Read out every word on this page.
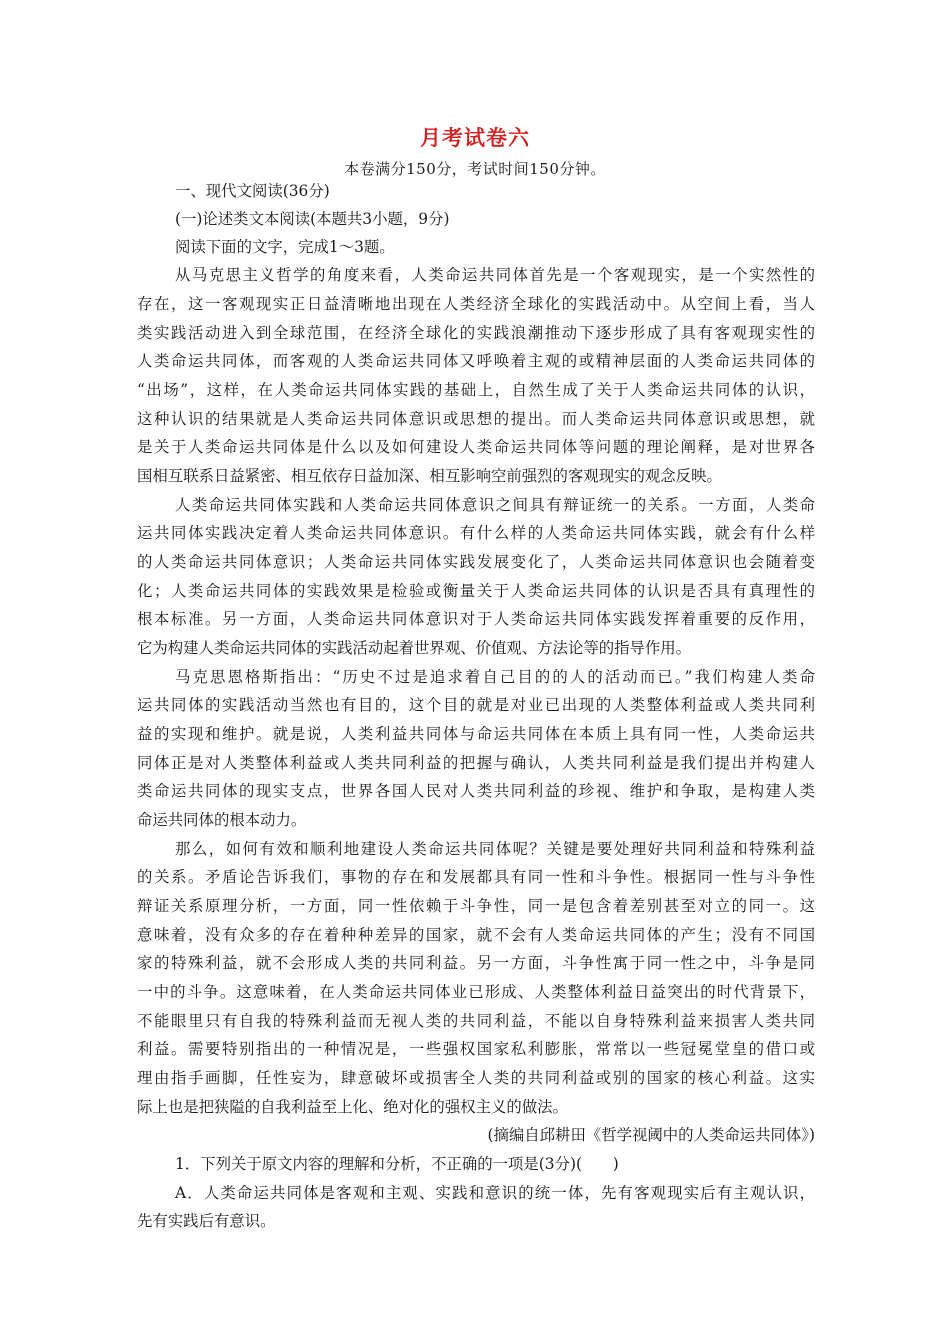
月考试卷六
本卷满分150分，考试时间150分钟。
一、现代文阅读(36分)
(一)论述类文本阅读(本题共3小题，9分)
阅读下面的文字，完成1～3题。
从马克思主义哲学的角度来看，人类命运共同体首先是一个客观现实，是一个实然性的
存在，这一客观现实正日益清晰地出现在人类经济全球化的实践活动中。从空间上看，当人
类实践活动进入到全球范围，在经济全球化的实践浪潮推动下逐步形成了具有客观现实性的
人类命运共同体，而客观的人类命运共同体又呼唤着主观的或精神层面的人类命运共同体的
“出场”，这样，在人类命运共同体实践的基础上，自然生成了关于人类命运共同体的认识，
这种认识的结果就是人类命运共同体意识或思想的提出。而人类命运共同体意识或思想，就
是关于人类命运共同体是什么以及如何建设人类命运共同体等问题的理论阐释，是对世界各
国相互联系日益紧密、相互依存日益加深、相互影响空前强烈的客观现实的观念反映。
人类命运共同体实践和人类命运共同体意识之间具有辩证统一的关系。一方面，人类命
运共同体实践决定着人类命运共同体意识。有什么样的人类命运共同体实践，就会有什么样
的人类命运共同体意识；人类命运共同体实践发展变化了，人类命运共同体意识也会随着变
化；人类命运共同体的实践效果是检验或衡量关于人类命运共同体的认识是否具有真理性的
根本标准。另一方面，人类命运共同体意识对于人类命运共同体实践发挥着重要的反作用，
它为构建人类命运共同体的实践活动起着世界观、价值观、方法论等的指导作用。
马克思恩格斯指出：“历史不过是追求着自己目的的人的活动而已。”我们构建人类命
运共同体的实践活动当然也有目的，这个目的就是对业已出现的人类整体利益或人类共同利
益的实现和维护。就是说，人类利益共同体与命运共同体在本质上具有同一性，人类命运共
同体正是对人类整体利益或人类共同利益的把握与确认，人类共同利益是我们提出并构建人
类命运共同体的现实支点，世界各国人民对人类共同利益的珍视、维护和争取，是构建人类
命运共同体的根本动力。
那么，如何有效和顺利地建设人类命运共同体呢？关键是要处理好共同利益和特殊利益
的关系。矛盾论告诉我们，事物的存在和发展都具有同一性和斗争性。根据同一性与斗争性
辩证关系原理分析，一方面，同一性依赖于斗争性，同一是包含着差别甚至对立的同一。这
意味着，没有众多的存在着种种差异的国家，就不会有人类命运共同体的产生；没有不同国
家的特殊利益，就不会形成人类的共同利益。另一方面，斗争性寓于同一性之中，斗争是同
一中的斗争。这意味着，在人类命运共同体业已形成、人类整体利益日益突出的时代背景下，
不能眼里只有自我的特殊利益而无视人类的共同利益，不能以自身特殊利益来损害人类共同
利益。需要特别指出的一种情况是，一些强权国家私利膨胀，常常以一些冠冕堂皇的借口或
理由指手画脚，任性妄为，肆意破坏或损害全人类的共同利益或别的国家的核心利益。这实
际上也是把狭隘的自我利益至上化、绝对化的强权主义的做法。
(摘编自邱耕田《哲学视阈中的人类命运共同体》)
1．下列关于原文内容的理解和分析，不正确的一项是(3分)(　　)
A．人类命运共同体是客观和主观、实践和意识的统一体，先有客观现实后有主观认识，
先有实践后有意识。
